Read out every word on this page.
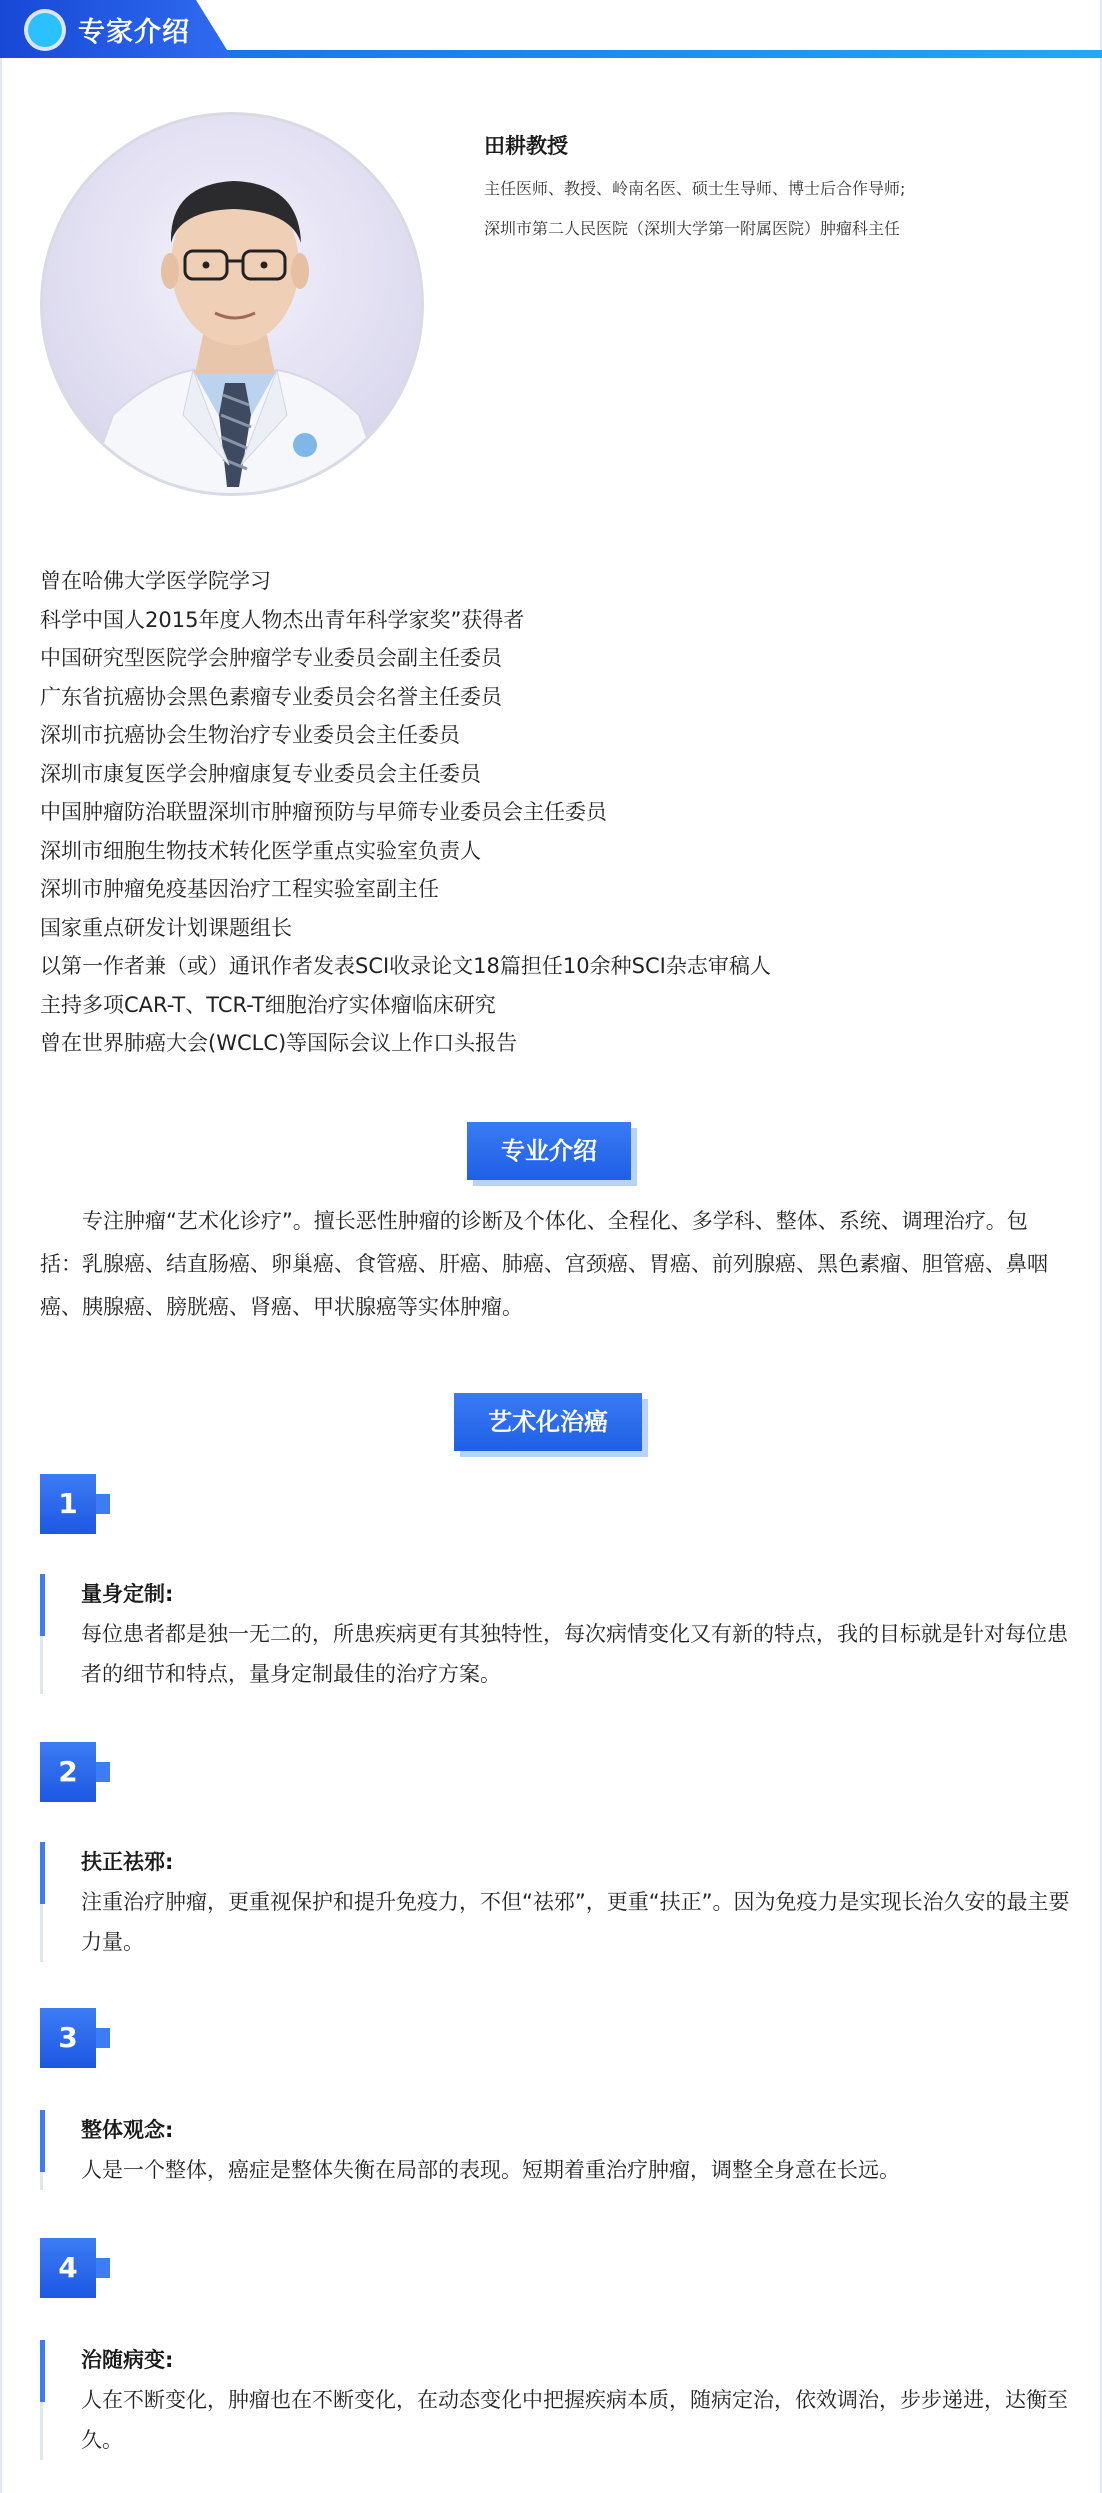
专家介绍
田耕教授
主任医师、教授、岭南名医、硕士生导师、博士后合作导师;
深圳市第二人民医院（深圳大学第一附属医院）肿瘤科主任
曾在哈佛大学医学院学习
科学中国人2015年度人物杰出青年科学家奖”获得者
中国研究型医院学会肿瘤学专业委员会副主任委员
广东省抗癌协会黑色素瘤专业委员会名誉主任委员
深圳市抗癌协会生物治疗专业委员会主任委员
深圳市康复医学会肿瘤康复专业委员会主任委员
中国肿瘤防治联盟深圳市肿瘤预防与早筛专业委员会主任委员
深圳市细胞生物技术转化医学重点实验室负责人
深圳市肿瘤免疫基因治疗工程实验室副主任
国家重点研发计划课题组长
以第一作者兼（或）通讯作者发表SCI收录论文18篇担任10余种SCI杂志审稿人
主持多项CAR-T、TCR-T细胞治疗实体瘤临床研究
曾在世界肺癌大会(WCLC)等国际会议上作口头报告
专业介绍

专注肿瘤“艺术化诊疗”。擅长恶性肿瘤的诊断及个体化、全程化、多学科、整体、系统、调理治疗。包括：乳腺癌、结直肠癌、卵巢癌、食管癌、肝癌、肺癌、宫颈癌、胃癌、前列腺癌、黑色素瘤、胆管癌、鼻咽癌、胰腺癌、膀胱癌、肾癌、甲状腺癌等实体肿瘤。

艺术化治癌
1
量身定制:
每位患者都是独一无二的，所患疾病更有其独特性，每次病情变化又有新的特点，我的目标就是针对每位患者的细节和特点，量身定制最佳的治疗方案。
2
扶正祛邪:
注重治疗肿瘤，更重视保护和提升免疫力，不但“祛邪”，更重“扶正”。因为免疫力是实现长治久安的最主要力量。
3
整体观念:
人是一个整体，癌症是整体失衡在局部的表现。短期着重治疗肿瘤，调整全身意在长远。
4
治随病变:
人在不断变化，肿瘤也在不断变化，在动态变化中把握疾病本质，随病定治，依效调治，步步递进，达衡至久。
